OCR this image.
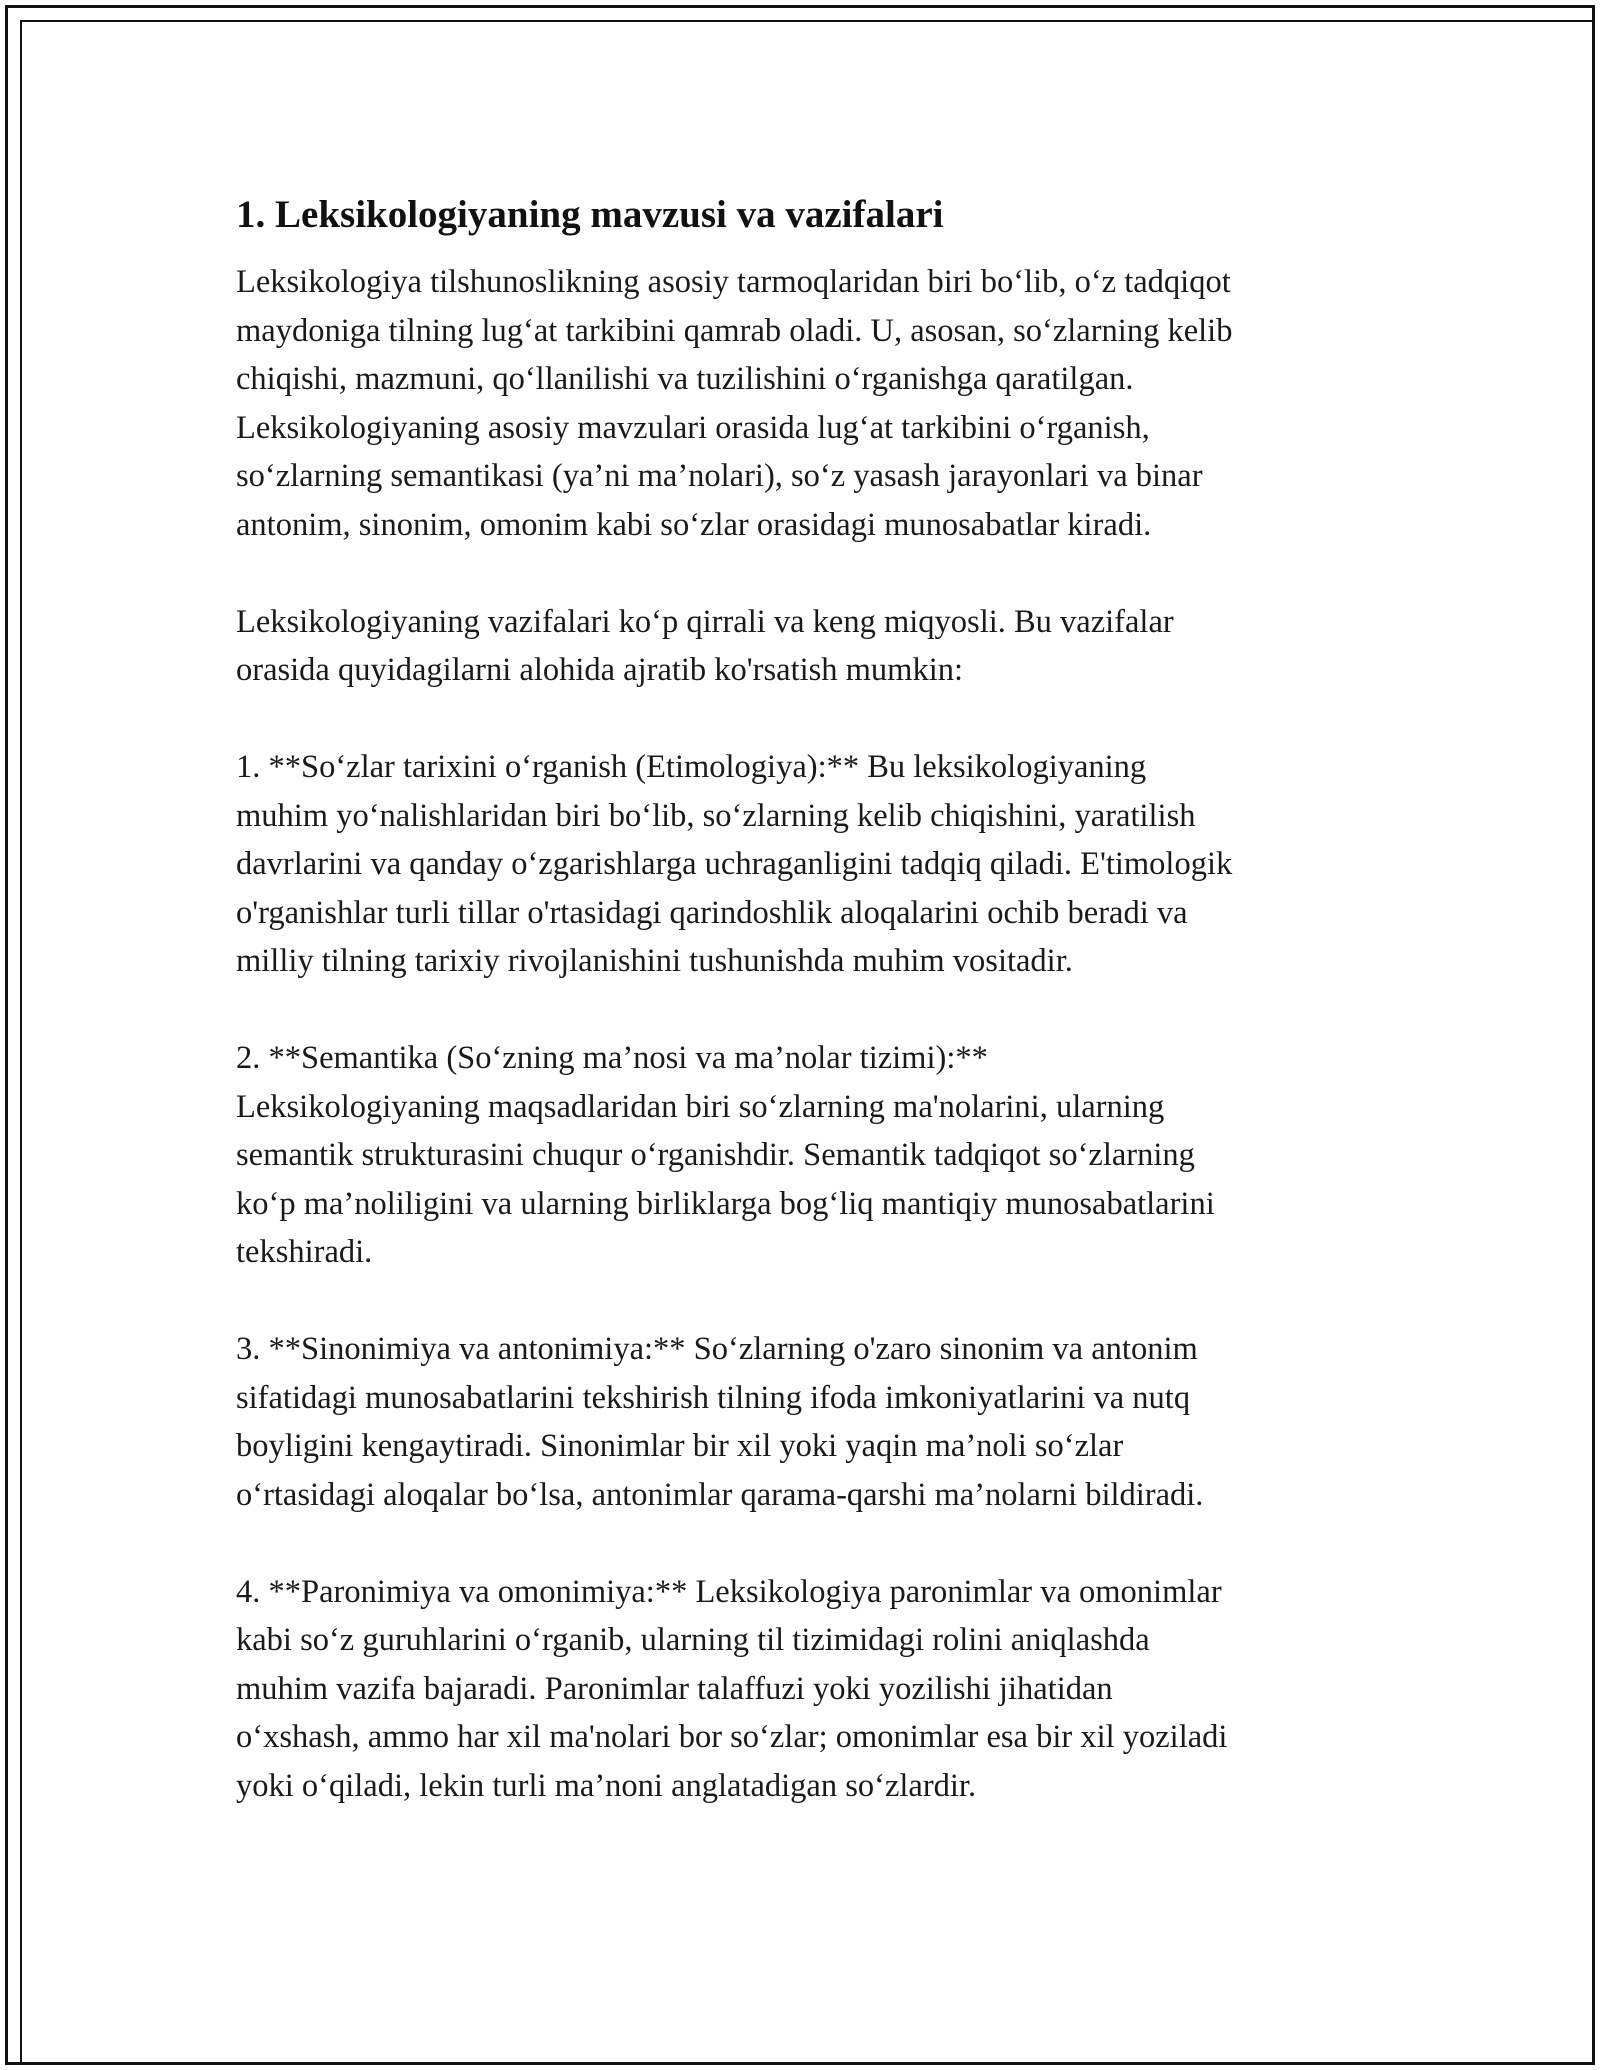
1. Leksikologiyaning mavzusi va vazifalari

Leksikologiya tilshunoslikning asosiy tarmoqlaridan biri bo‘lib, o‘z tadqiqot
maydoniga tilning lug‘at tarkibini qamrab oladi. U, asosan, so‘zlarning kelib
chiqishi, mazmuni, qo‘llanilishi va tuzilishini o‘rganishga qaratilgan.
Leksikologiyaning asosiy mavzulari orasida lug‘at tarkibini o‘rganish,
so‘zlarning semantikasi (ya’ni ma’nolari), so‘z yasash jarayonlari va binar
antonim, sinonim, omonim kabi so‘zlar orasidagi munosabatlar kiradi.

Leksikologiyaning vazifalari ko‘p qirrali va keng miqyosli. Bu vazifalar
orasida quyidagilarni alohida ajratib ko'rsatish mumkin:

1. **So‘zlar tarixini o‘rganish (Etimologiya):** Bu leksikologiyaning
muhim yo‘nalishlaridan biri bo‘lib, so‘zlarning kelib chiqishini, yaratilish
davrlarini va qanday o‘zgarishlarga uchraganligini tadqiq qiladi. E'timologik
o'rganishlar turli tillar o'rtasidagi qarindoshlik aloqalarini ochib beradi va
milliy tilning tarixiy rivojlanishini tushunishda muhim vositadir.

2. **Semantika (So‘zning ma’nosi va ma’nolar tizimi):**
Leksikologiyaning maqsadlaridan biri so‘zlarning ma'nolarini, ularning
semantik strukturasini chuqur o‘rganishdir. Semantik tadqiqot so‘zlarning
ko‘p ma’noliligini va ularning birliklarga bog‘liq mantiqiy munosabatlarini
tekshiradi.

3. **Sinonimiya va antonimiya:** So‘zlarning o'zaro sinonim va antonim
sifatidagi munosabatlarini tekshirish tilning ifoda imkoniyatlarini va nutq
boyligini kengaytiradi. Sinonimlar bir xil yoki yaqin ma’noli so‘zlar
o‘rtasidagi aloqalar bo‘lsa, antonimlar qarama-qarshi ma’nolarni bildiradi.

4. **Paronimiya va omonimiya:** Leksikologiya paronimlar va omonimlar
kabi so‘z guruhlarini o‘rganib, ularning til tizimidagi rolini aniqlashda
muhim vazifa bajaradi. Paronimlar talaffuzi yoki yozilishi jihatidan
o‘xshash, ammo har xil ma'nolari bor so‘zlar; omonimlar esa bir xil yoziladi
yoki o‘qiladi, lekin turli ma’noni anglatadigan so‘zlardir.
